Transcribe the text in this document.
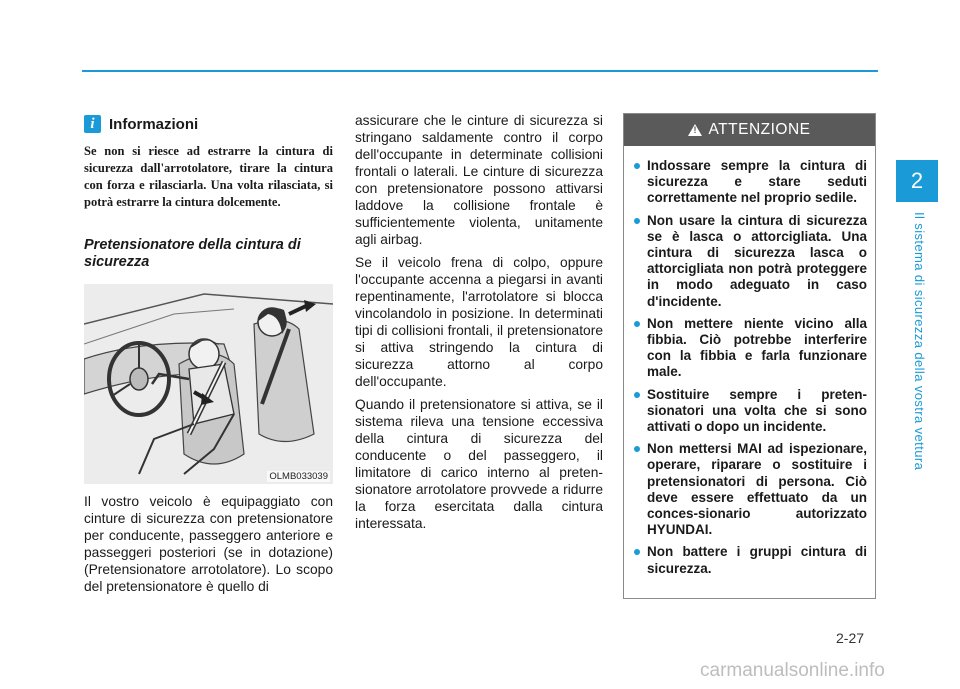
2
Il sistema di sicurezza della vostra vettura
i Informazioni

Se non si riesce ad estrarre la cintura di sicurezza dall'arrotolatore, tirare la cintura con forza e rilasciarla. Una volta rilasciata, si potrà estrarre la cintura dolcemente.

Pretensionatore della cintura di sicurezza
OLMB033039

Il vostro veicolo è equipaggiato con cinture di sicurezza con pretensionatore per conducente, passeggero anteriore e passeggeri posteriori (se in dotazione) (Pretensionatore arrotolatore). Lo scopo del pretensionatore è quello di

assicurare che le cinture di sicurezza si stringano saldamente contro il corpo dell'occupante in determinate collisioni frontali o laterali. Le cinture di sicurezza con pretensionatore possono attivarsi laddove la collisione frontale è sufficientemente violenta, unitamente agli airbag.

Se il veicolo frena di colpo, oppure l'occupante accenna a piegarsi in avanti repentinamente, l'arrotolatore si blocca vincolandolo in posizione. In determinati tipi di collisioni frontali, il pretensionatore si attiva stringendo la cintura di sicurezza attorno al corpo dell'occupante.

Quando il pretensionatore si attiva, se il sistema rileva una tensione eccessiva della cintura di sicurezza del conducente o del passeggero, il limitatore di carico interno al preten-sionatore arrotolatore provvede a ridurre la forza esercitata dalla cintura interessata.

!
ATTENZIONE
Indossare sempre la cintura di sicurezza e stare seduti correttamente nel proprio sedile.
Non usare la cintura di sicurezza se è lasca o attorcigliata. Una cintura di sicurezza lasca o attorcigliata non potrà proteggere in modo adeguato in caso d'incidente.
Non mettere niente vicino alla fibbia. Ciò potrebbe interferire con la fibbia e farla funzionare male.
Sostituire sempre i preten-sionatori una volta che si sono attivati o dopo un incidente.
Non mettersi MAI ad ispezionare, operare, riparare o sostituire i pretensionatori di persona. Ciò deve essere effettuato da un conces-sionario autorizzato HYUNDAI.
Non battere i gruppi cintura di sicurezza.
2-27
carmanualsonline.info
